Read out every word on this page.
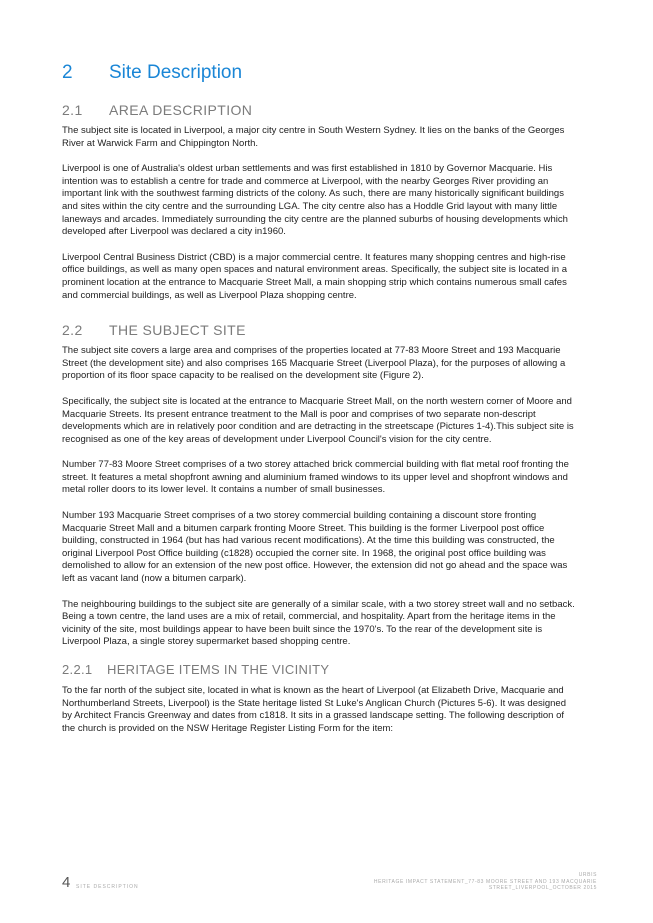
2	Site Description
2.1	AREA DESCRIPTION

The subject site is located in Liverpool, a major city centre in South Western Sydney. It lies on the banks of the Georges River at Warwick Farm and Chippington North.

Liverpool is one of Australia's oldest urban settlements and was first established in 1810 by Governor Macquarie. His intention was to establish a centre for trade and commerce at Liverpool, with the nearby Georges River providing an important link with the southwest farming districts of the colony. As such, there are many historically significant buildings and sites within the city centre and the surrounding LGA. The city centre also has a Hoddle Grid layout with many little laneways and arcades. Immediately surrounding the city centre are the planned suburbs of housing developments which developed after Liverpool was declared a city in1960.

Liverpool Central Business District (CBD) is a major commercial centre. It features many shopping centres and high-rise office buildings, as well as many open spaces and natural environment areas. Specifically, the subject site is located in a prominent location at the entrance to Macquarie Street Mall, a main shopping strip which contains numerous small cafes and commercial buildings, as well as Liverpool Plaza shopping centre.

2.2	THE SUBJECT SITE

The subject site covers a large area and comprises of the properties located at 77-83 Moore Street and 193 Macquarie Street (the development site) and also comprises 165 Macquarie Street (Liverpool Plaza), for the purposes of allowing a proportion of its floor space capacity to be realised on the development site (Figure 2).

Specifically, the subject site is located at the entrance to Macquarie Street Mall, on the north western corner of Moore and Macquarie Streets. Its present entrance treatment to the Mall is poor and comprises of two separate non-descript developments which are in relatively poor condition and are detracting in the streetscape (Pictures 1-4).This subject site is recognised as one of the key areas of development under Liverpool Council's vision for the city centre.

Number 77-83 Moore Street comprises of a two storey attached brick commercial building with flat metal roof fronting the street. It features a metal shopfront awning and aluminium framed windows to its upper level and shopfront windows and metal roller doors to its lower level. It contains a number of small businesses.

Number 193 Macquarie Street comprises of a two storey commercial building containing a discount store fronting Macquarie Street Mall and a bitumen carpark fronting Moore Street. This building is the former Liverpool post office building, constructed in 1964 (but has had various recent modifications). At the time this building was constructed, the original Liverpool Post Office building (c1828) occupied the corner site. In 1968, the original post office building was demolished to allow for an extension of the new post office. However, the extension did not go ahead and the space was left as vacant land (now a bitumen carpark).

The neighbouring buildings to the subject site are generally of a similar scale, with a two storey street wall and no setback. Being a town centre, the land uses are a mix of retail, commercial, and hospitality. Apart from the heritage items in the vicinity of the site, most buildings appear to have been built since the 1970's. To the rear of the development site is Liverpool Plaza, a single storey supermarket based shopping centre.

2.2.1	HERITAGE ITEMS IN THE VICINITY

To the far north of the subject site, located in what is known as the heart of Liverpool (at Elizabeth Drive, Macquarie and Northumberland Streets, Liverpool) is the State heritage listed St Luke's Anglican Church (Pictures 5-6). It was designed by Architect Francis Greenway and dates from c1818. It sits in a grassed landscape setting. The following description of the church is provided on the NSW Heritage Register Listing Form for the item:

4 SITE DESCRIPTION
URBIS
HERITAGE IMPACT STATEMENT_77-83 MOORE STREET AND 193 MACQUARIE
STREET_LIVERPOOL_OCTOBER 2015
